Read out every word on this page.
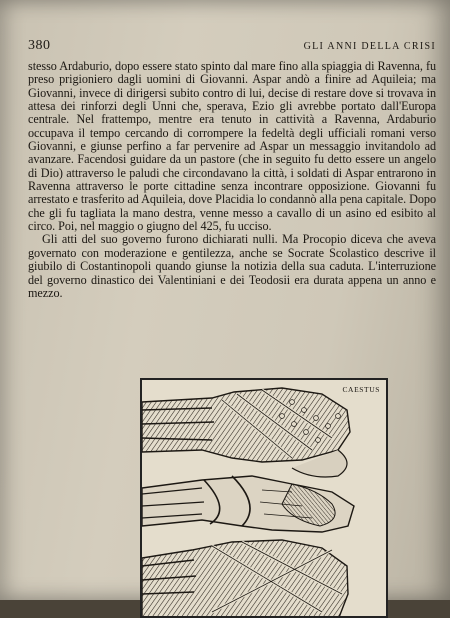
380	GLI ANNI DELLA CRISI

stesso Ardaburio, dopo essere stato spinto dal mare fino alla spiaggia di Ravenna, fu preso prigioniero dagli uomini di Giovanni. Aspar andò a finire ad Aquileia; ma Giovanni, invece di dirigersi subito contro di lui, decise di restare dove si trovava in attesa dei rinforzi degli Unni che, sperava, Ezio gli avrebbe portato dall'Europa centrale. Nel frattempo, mentre era tenuto in cattività a Ravenna, Ardaburio occupava il tempo cercando di corrompere la fedeltà degli ufficiali romani verso Giovanni, e giunse perfino a far pervenire ad Aspar un messaggio invitandolo ad avanzare. Facendosi guidare da un pastore (che in seguito fu detto essere un angelo di Dio) attraverso le paludi che circondavano la città, i soldati di Aspar entrarono in Ravenna attraverso le porte cittadine senza incontrare opposizione. Giovanni fu arrestato e trasferito ad Aquileia, dove Placidia lo condannò alla pena capitale. Dopo che gli fu tagliata la mano destra, venne messo a cavallo di un asino ed esibito al circo. Poi, nel maggio o giugno del 425, fu ucciso.

Gli atti del suo governo furono dichiarati nulli. Ma Procopio diceva che aveva governato con moderazione e gentilezza, anche se Socrate Scolastico descrive il giubilo di Costantinopoli quando giunse la notizia della sua caduta. L'interruzione del governo dinastico dei Valentiniani e dei Teodosii era durata appena un anno e mezzo.

CAESTUS
